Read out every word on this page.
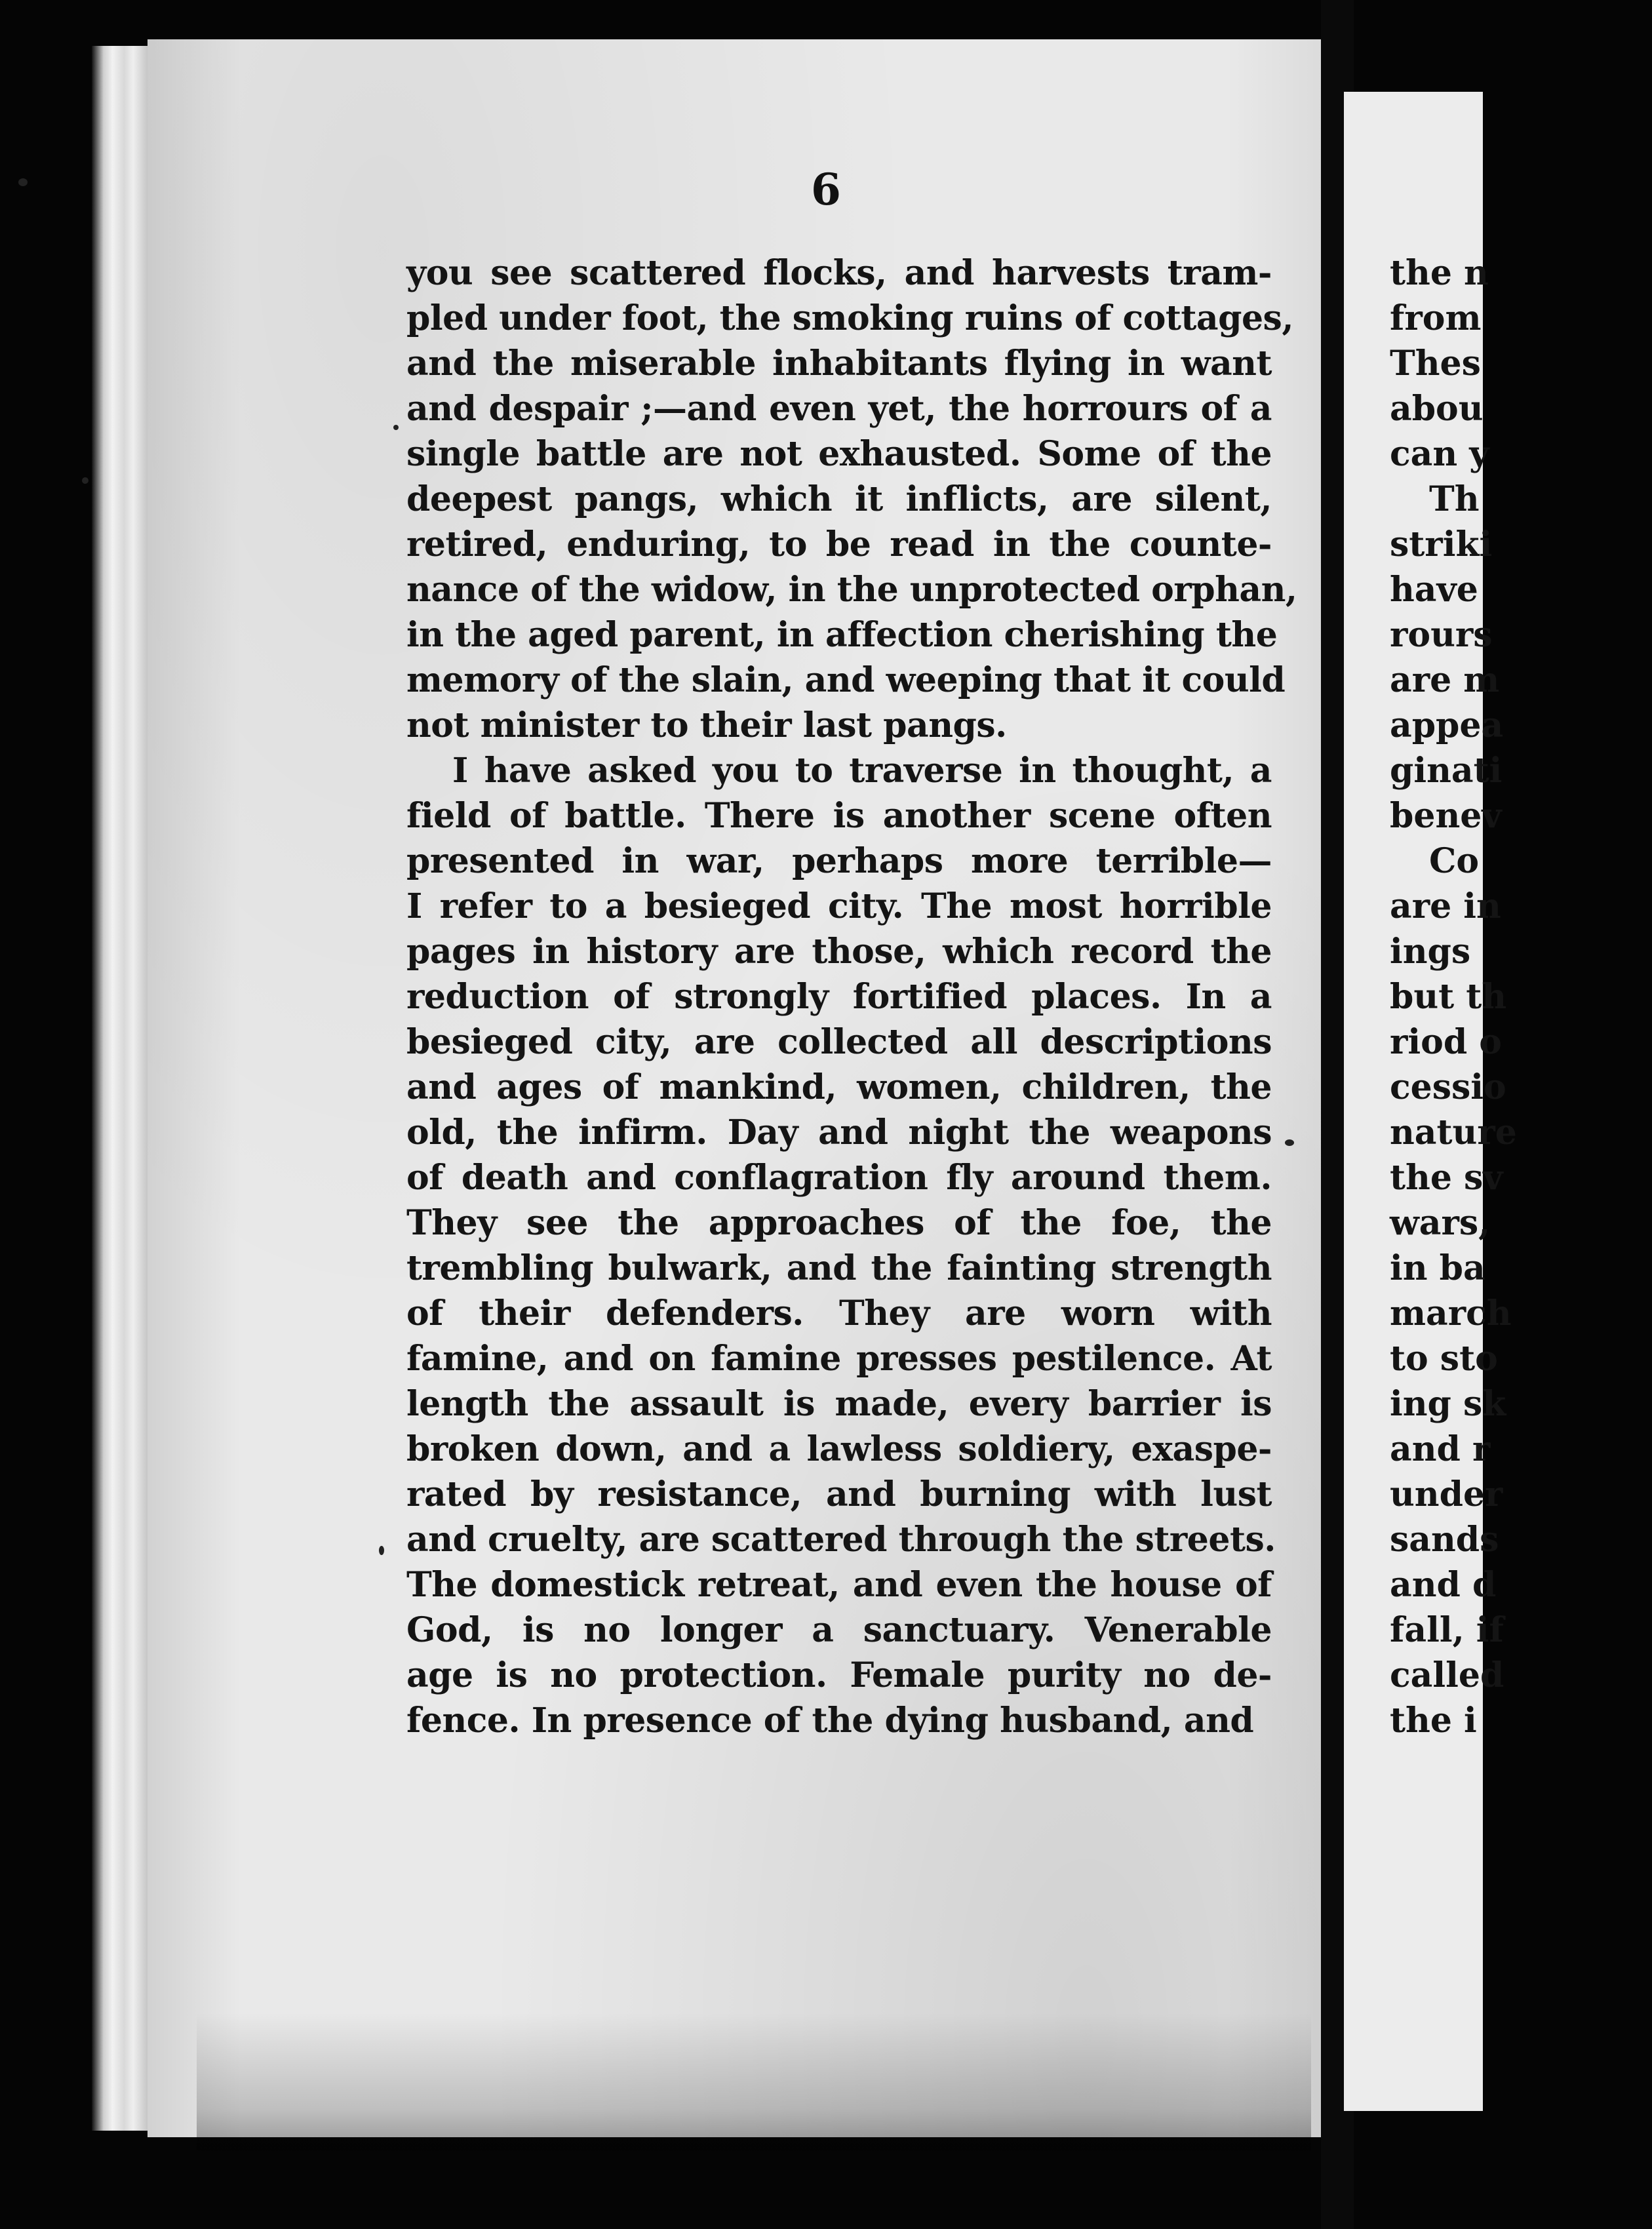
the n
from
Thes
abou
can y
Th
striki
have
rours
are m
appea
ginati
benev
Co
are in
ings
but th
riod o
cessio
nature
the sv
wars,
in ba
march
to sto
ing sk
and r
under
sands
and d
fall, if
called
the i
6
you see scattered flocks, and harvests tram-
pled under foot, the smoking ruins of cottages,
and the miserable inhabitants flying in want
and despair ;—and even yet, the horrours of a
single battle are not exhausted. Some of the
deepest pangs, which it inflicts, are silent,
retired, enduring, to be read in the counte-
nance of the widow, in the unprotected orphan,
in the aged parent, in affection cherishing the
memory of the slain, and weeping that it could
not minister to their last pangs.
I have asked you to traverse in thought, a
field of battle. There is another scene often
presented in war, perhaps more terrible—
I refer to a besieged city. The most horrible
pages in history are those, which record the
reduction of strongly fortified places. In a
besieged city, are collected all descriptions
and ages of mankind, women, children, the
old, the infirm. Day and night the weapons
of death and conflagration fly around them.
They see the approaches of the foe, the
trembling bulwark, and the fainting strength
of their defenders. They are worn with
famine, and on famine presses pestilence. At
length the assault is made, every barrier is
broken down, and a lawless soldiery, exaspe-
rated by resistance, and burning with lust
and cruelty, are scattered through the streets.
The domestick retreat, and even the house of
God, is no longer a sanctuary. Venerable
age is no protection. Female purity no de-
fence. In presence of the dying husband, and
